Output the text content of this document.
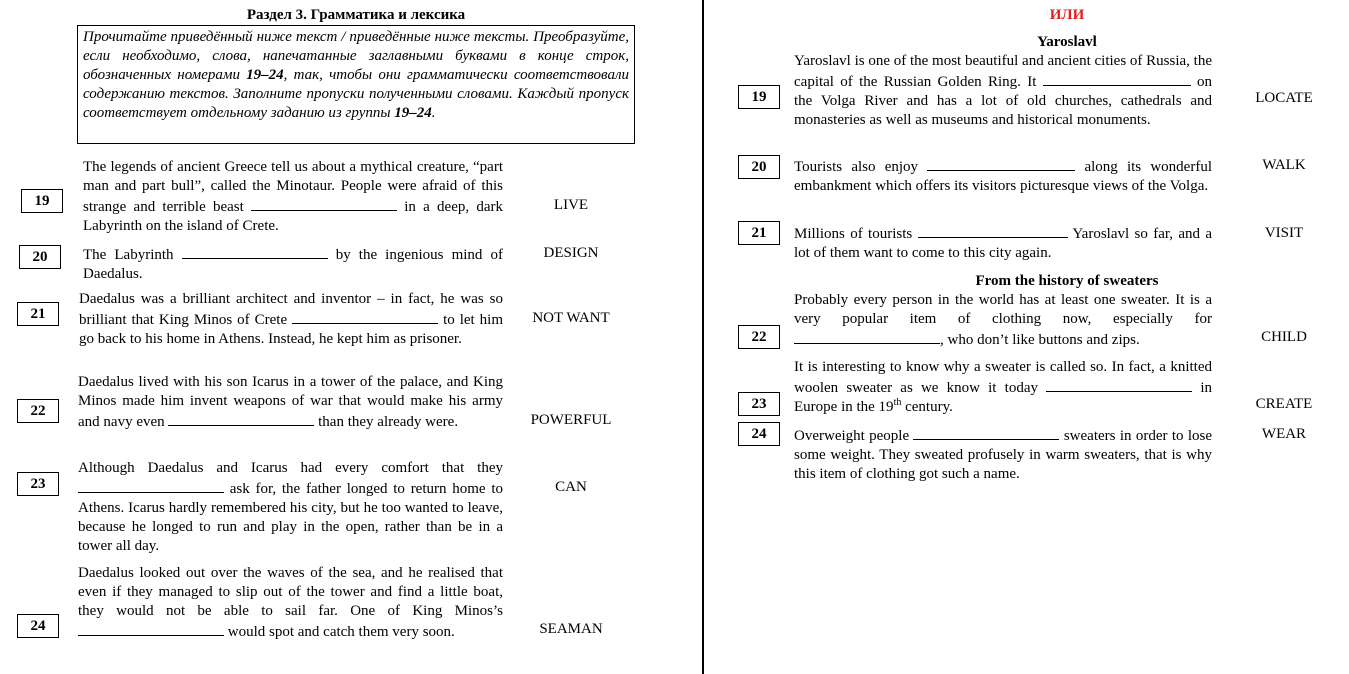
Раздел 3. Грамматика и лексика
Прочитайте приведённый ниже текст / приведённые ниже тексты. Преобразуйте, если необходимо, слова, напечатанные заглавными буквами в конце строк, обозначенных номерами 19–24, так, чтобы они грамматически соответствовали содержанию текстов. Заполните пропуски полученными словами. Каждый пропуск соответствует отдельному заданию из группы 19–24.
19
The legends of ancient Greece tell us about a mythical creature, “part man and part bull”, called the Minotaur. People were afraid of this strange and terrible beast	in a deep, dark Labyrinth on the island of Crete.
LIVE
20	The Labyrinth	by the ingenious mind of Daedalus.
DESIGN
21
Daedalus was a brilliant architect and inventor – in fact, he was so brilliant that King Minos of Crete	to let him go back to his home in Athens. Instead, he kept him as prisoner.
NOT WANT
22
Daedalus lived with his son Icarus in a tower of the palace, and King Minos made him invent weapons of war that would make his army and navy even	than they already were.	POWERFUL
23
Although Daedalus and Icarus had every comfort that they  ask for, the father longed to return home to Athens. Icarus hardly remembered his city, but he too wanted to leave, because he longed to run and play in the open, rather than be in a tower all day.
CAN
24
Daedalus looked out over the waves of the sea, and he realised that even if they managed to slip out of the tower and find a little boat, they would not be able to sail far. One of King Minos’s  would spot and catch them very soon.	SEAMAN
ИЛИ
Yaroslavl
19
Yaroslavl is one of the most beautiful and ancient cities of Russia, the capital of the Russian Golden Ring. It	on the Volga River and has a lot of old churches, cathedrals and monasteries as well as museums and historical monuments.
LOCATE
20	Tourists also enjoy	along its wonderful embankment which offers its visitors picturesque views of the Volga.
WALK
21	Millions of tourists	Yaroslavl so far, and a lot of them want to come to this city again.
VISIT
From the history of sweaters
22
Probably every person in the world has at least one sweater. It is a very popular item of clothing now, especially for , who don’t like buttons and zips.	CHILD
23
It is interesting to know why a sweater is called so. In fact, a knitted woolen sweater as we know it today	in Europe in the 19th century.	CREATE
24	Overweight people	sweaters in order to lose some weight. They sweated profusely in warm sweaters, that is why this item of clothing got such a name.
WEAR
